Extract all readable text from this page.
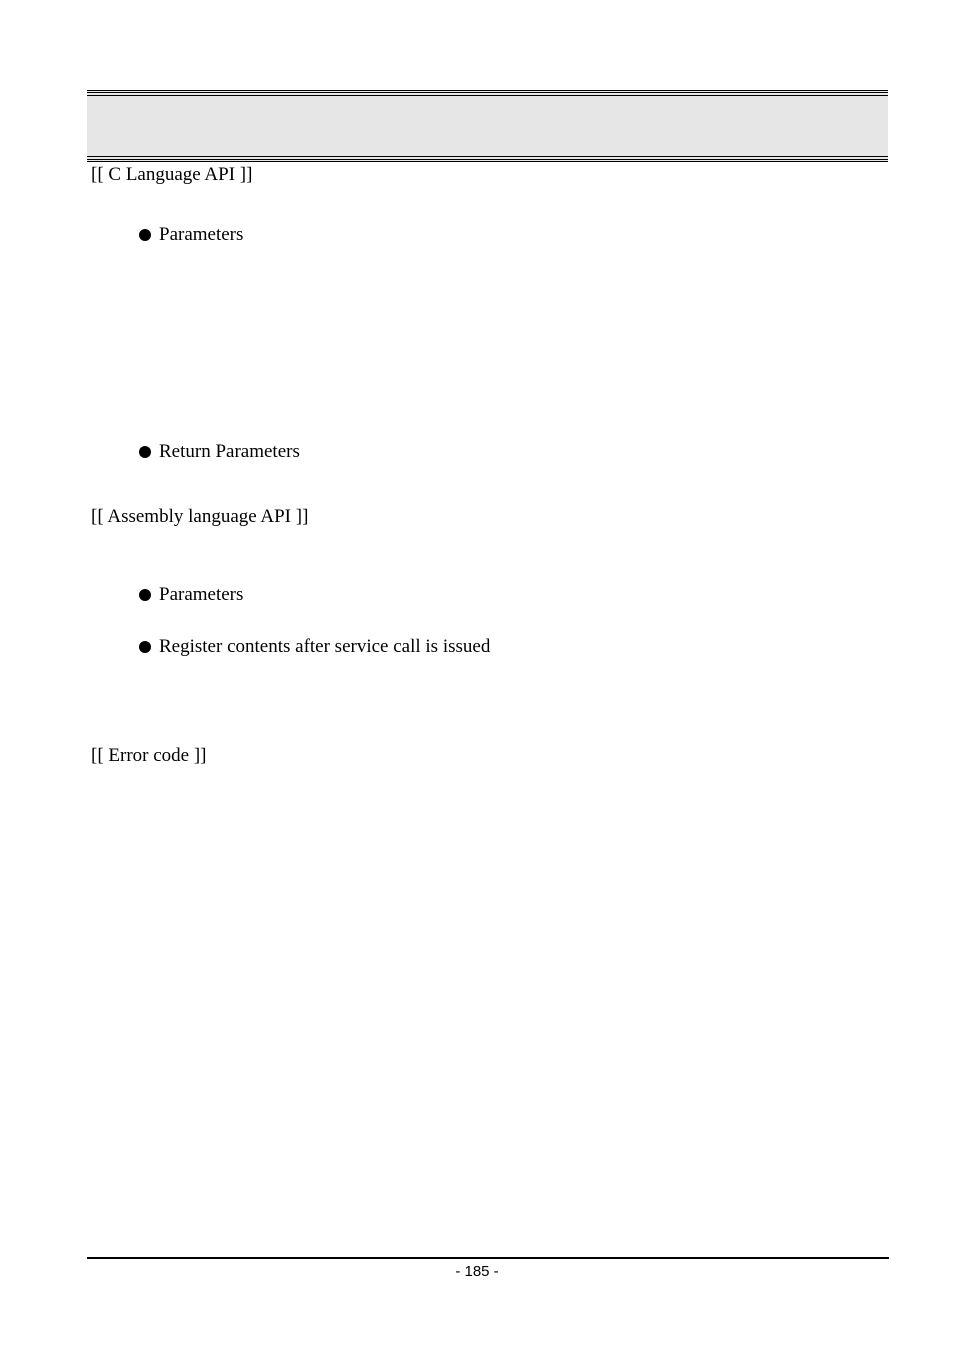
[[ C Language API ]]
Parameters
Return Parameters
[[ Assembly language API ]]
Parameters
Register contents after service call is issued
[[ Error code ]]
- 185 -
